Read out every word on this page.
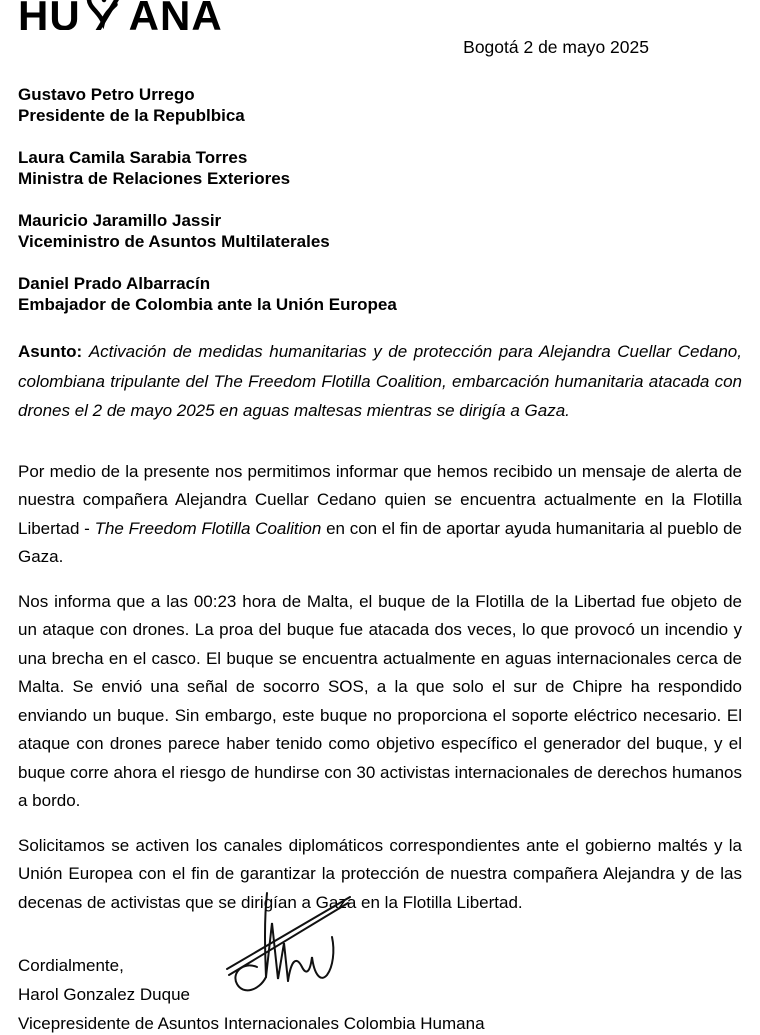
HU ANA
Bogotá 2 de mayo 2025
Gustavo Petro Urrego
Presidente de la Republbica
Laura Camila Sarabia Torres
Ministra de Relaciones Exteriores
Mauricio Jaramillo Jassir
Viceministro de Asuntos Multilaterales
Daniel Prado Albarracín
Embajador de Colombia ante la Unión Europea
Asunto: Activación de medidas humanitarias y de protección para Alejandra Cuellar Cedano, colombiana tripulante del The Freedom Flotilla Coalition, embarcación humanitaria atacada con drones el 2 de mayo 2025 en aguas maltesas mientras se dirigía a Gaza.

Por medio de la presente nos permitimos informar que hemos recibido un mensaje de alerta de nuestra compañera Alejandra Cuellar Cedano quien se encuentra actualmente en la Flotilla Libertad - The Freedom Flotilla Coalition en con el fin de aportar ayuda humanitaria al pueblo de Gaza.

Nos informa que a las 00:23 hora de Malta, el buque de la Flotilla de la Libertad fue objeto de un ataque con drones. La proa del buque fue atacada dos veces, lo que provocó un incendio y una brecha en el casco. El buque se encuentra actualmente en aguas internacionales cerca de Malta. Se envió una señal de socorro SOS, a la que solo el sur de Chipre ha respondido enviando un buque. Sin embargo, este buque no proporciona el soporte eléctrico necesario. El ataque con drones parece haber tenido como objetivo específico el generador del buque, y el buque corre ahora el riesgo de hundirse con 30 activistas internacionales de derechos humanos a bordo.

Solicitamos se activen los canales diplomáticos correspondientes ante el gobierno maltés y la Unión Europea con el fin de garantizar la protección de nuestra compañera Alejandra y de las decenas de activistas que se dirigían a Gaza en la Flotilla Libertad.

Cordialmente,
Harol Gonzalez Duque
Vicepresidente de Asuntos Internacionales Colombia Humana
